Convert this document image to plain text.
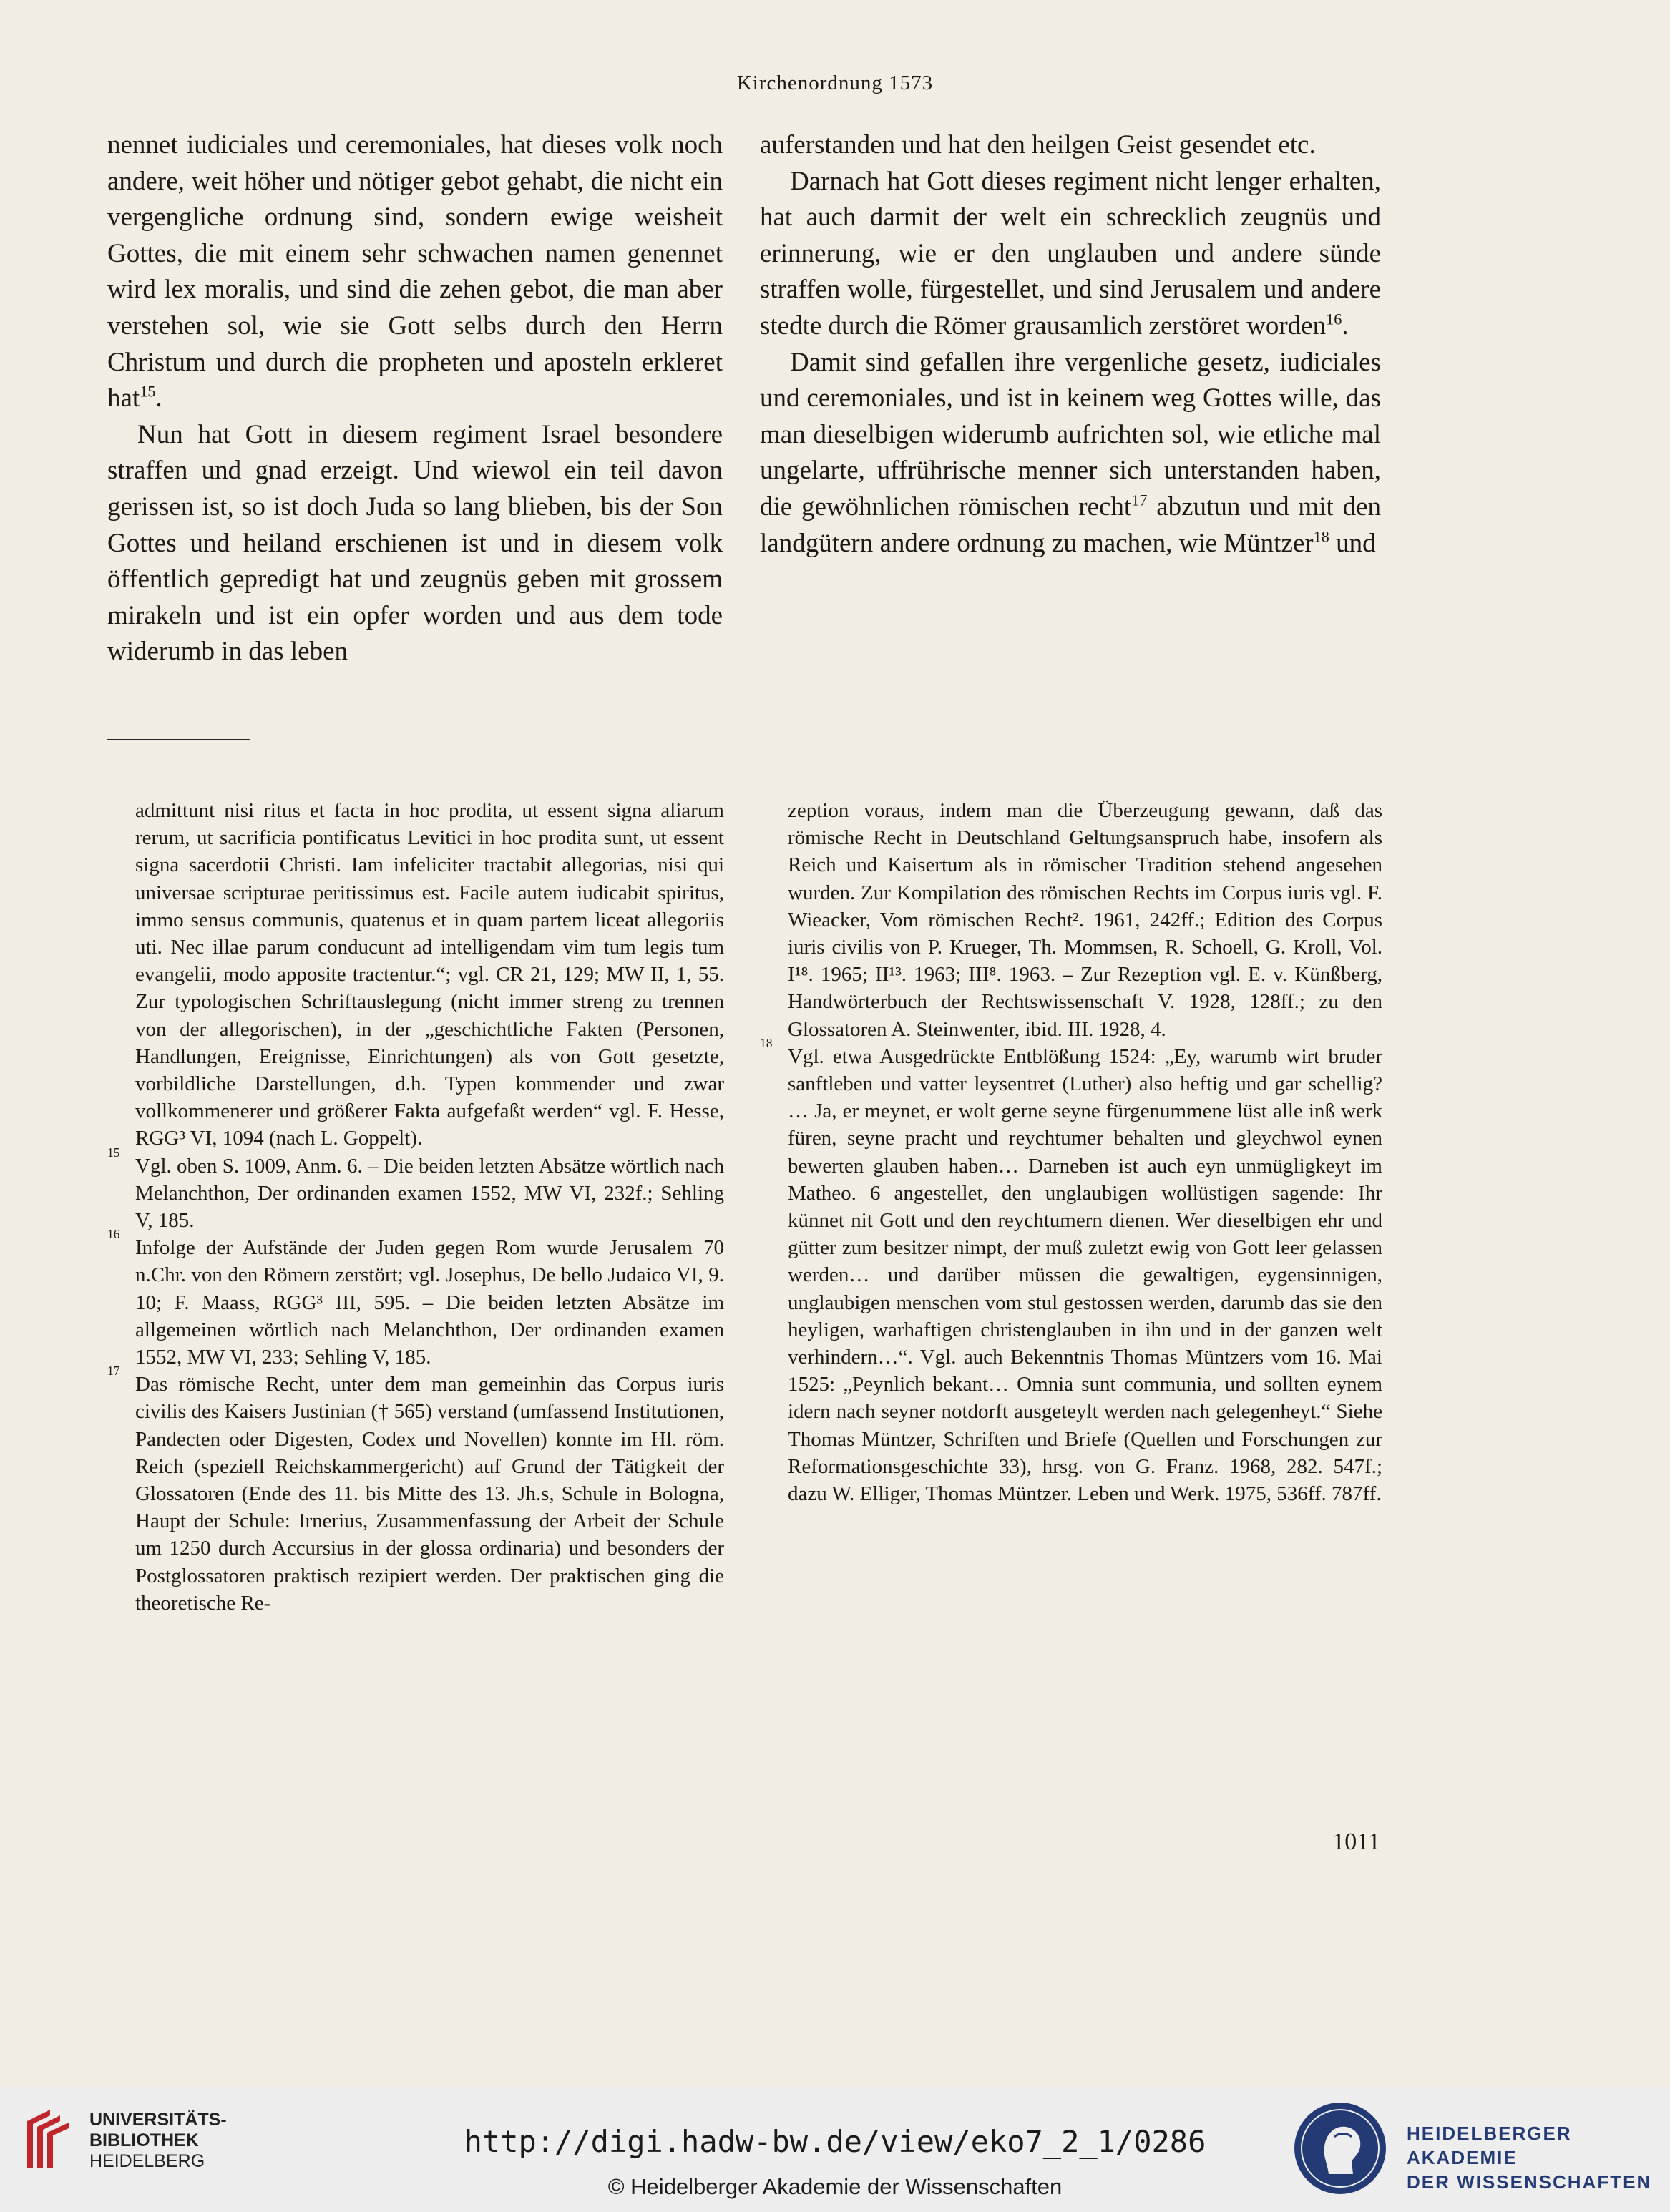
Kirchenordnung 1573

nennet iudiciales und ceremoniales, hat dieses volk noch andere, weit höher und nötiger gebot gehabt, die nicht ein vergengliche ordnung sind, sondern ewige weisheit Gottes, die mit einem sehr schwachen namen genennet wird lex moralis, und sind die zehen gebot, die man aber verstehen sol, wie sie Gott selbs durch den Herrn Christum und durch die propheten und aposteln erkleret hat$^{15}$.

Nun hat Gott in diesem regiment Israel besondere straffen und gnad erzeigt. Und wiewol ein teil davon gerissen ist, so ist doch Juda so lang blieben, bis der Son Gottes und heiland erschienen ist und in diesem volk öffentlich gepredigt hat und zeugnüs geben mit grossem mirakeln und ist ein opfer worden und aus dem tode widerumb in das leben

auferstanden und hat den heilgen Geist gesendet etc.

Darnach hat Gott dieses regiment nicht lenger erhalten, hat auch darmit der welt ein schrecklich zeugnüs und erinnerung, wie er den unglauben und andere sünde straffen wolle, fürgestellet, und sind Jerusalem und andere stedte durch die Römer grausamlich zerstöret worden$^{16}$.

Damit sind gefallen ihre vergenliche gesetz, iudiciales und ceremoniales, und ist in keinem weg Gottes wille, das man dieselbigen widerumb aufrichten sol, wie etliche mal ungelarte, uffrührische menner sich unterstanden haben, die gewöhnlichen römischen recht$^{17}$ abzutun und mit den landgütern andere ordnung zu machen, wie Müntzer$^{18}$ und

admittunt nisi ritus et facta in hoc prodita, ut essent signa aliarum rerum, ut sacrificia pontificatus Levitici in hoc prodita sunt, ut essent signa sacerdotii Christi. Iam infeliciter tractabit allegorias, nisi qui universae scripturae peritissimus est. Facile autem iudicabit spiritus, immo sensus communis, quatenus et in quam partem liceat allegoriis uti. Nec illae parum conducunt ad intelligendam vim tum legis tum evangelii, modo apposite tractentur.“; vgl. CR 21, 129; MW II, 1, 55. Zur typologischen Schriftauslegung (nicht immer streng zu trennen von der allegorischen), in der „geschichtliche Fakten (Personen, Handlungen, Ereignisse, Einrichtungen) als von Gott gesetzte, vorbildliche Darstellungen, d.h. Typen kommender und zwar vollkommenerer und größerer Fakta aufgefaßt werden“ vgl. F. Hesse, RGG³ VI, 1094 (nach L. Goppelt).

15
Vgl. oben S. 1009, Anm. 6. – Die beiden letzten Absätze wörtlich nach Melanchthon, Der ordinanden examen 1552, MW VI, 232f.; Sehling V, 185.

16
Infolge der Aufstände der Juden gegen Rom wurde Jerusalem 70 n.Chr. von den Römern zerstört; vgl. Josephus, De bello Judaico VI, 9. 10; F. Maass, RGG³ III, 595. – Die beiden letzten Absätze im allgemeinen wörtlich nach Melanchthon, Der ordinanden examen 1552, MW VI, 233; Sehling V, 185.

17
Das römische Recht, unter dem man gemeinhin das Corpus iuris civilis des Kaisers Justinian († 565) verstand (umfassend Institutionen, Pandecten oder Digesten, Codex und Novellen) konnte im Hl. röm. Reich (speziell Reichskammergericht) auf Grund der Tätigkeit der Glossatoren (Ende des 11. bis Mitte des 13. Jh.s, Schule in Bologna, Haupt der Schule: Irnerius, Zusammenfassung der Arbeit der Schule um 1250 durch Accursius in der glossa ordinaria) und besonders der Postglossatoren praktisch rezipiert werden. Der praktischen ging die theoretische Re-

zeption voraus, indem man die Überzeugung gewann, daß das römische Recht in Deutschland Geltungsanspruch habe, insofern als Reich und Kaisertum als in römischer Tradition stehend angesehen wurden. Zur Kompilation des römischen Rechts im Corpus iuris vgl. F. Wieacker, Vom römischen Recht². 1961, 242ff.; Edition des Corpus iuris civilis von P. Krueger, Th. Mommsen, R. Schoell, G. Kroll, Vol. I¹⁸. 1965; II¹³. 1963; III⁸. 1963. – Zur Rezeption vgl. E. v. Künßberg, Handwörterbuch der Rechtswissenschaft V. 1928, 128ff.; zu den Glossatoren A. Steinwenter, ibid. III. 1928, 4.

18
Vgl. etwa Ausgedrückte Entblößung 1524: „Ey, warumb wirt bruder sanftleben und vatter leysentret (Luther) also heftig und gar schellig? … Ja, er meynet, er wolt gerne seyne fürgenummene lüst alle inß werk füren, seyne pracht und reychtumer behalten und gleychwol eynen bewerten glauben haben… Darneben ist auch eyn unmügligkeyt im Matheo. 6 angestellet, den unglaubigen wollüstigen sagende: Ihr künnet nit Gott und den reychtumern dienen. Wer dieselbigen ehr und gütter zum besitzer nimpt, der muß zuletzt ewig von Gott leer gelassen werden… und darüber müssen die gewaltigen, eygensinnigen, unglaubigen menschen vom stul gestossen werden, darumb das sie den heyligen, warhaftigen christenglauben in ihn und in der ganzen welt verhindern…“. Vgl. auch Bekenntnis Thomas Müntzers vom 16. Mai 1525: „Peynlich bekant… Omnia sunt communia, und sollten eynem idern nach seyner notdorft ausgeteylt werden nach gelegenheyt.“ Siehe Thomas Müntzer, Schriften und Briefe (Quellen und Forschungen zur Reformationsgeschichte 33), hrsg. von G. Franz. 1968, 282. 547f.; dazu W. Elliger, Thomas Müntzer. Leben und Werk. 1975, 536ff. 787ff.

1011
UNIVERSITÄTS-
BIBLIOTHEK
HEIDELBERG
http://digi.hadw-bw.de/view/eko7_2_1/0286
© Heidelberger Akademie der Wissenschaften
HEIDELBERGER AKADEMIE
DER WISSENSCHAFTEN
